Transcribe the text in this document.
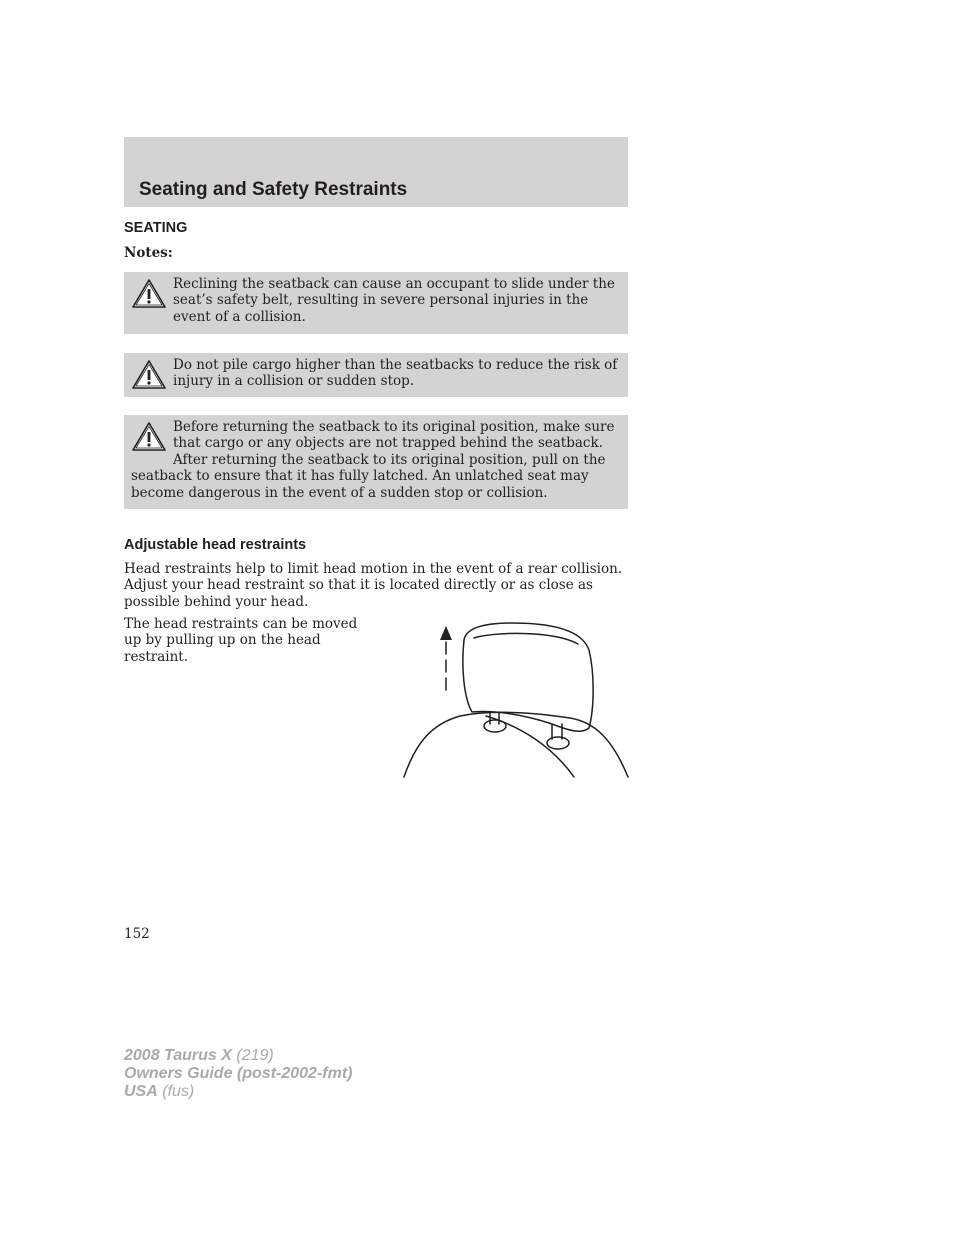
Seating and Safety Restraints
SEATING
Notes:
Reclining the seatback can cause an occupant to slide under the seat’s safety belt, resulting in severe personal injuries in the event of a collision.
Do not pile cargo higher than the seatbacks to reduce the risk of injury in a collision or sudden stop.
Before returning the seatback to its original position, make sure that cargo or any objects are not trapped behind the seatback. After returning the seatback to its original position, pull on the seatback to ensure that it has fully latched. An unlatched seat may become dangerous in the event of a sudden stop or collision.
Adjustable head restraints

Head restraints help to limit head motion in the event of a rear collision. Adjust your head restraint so that it is located directly or as close as possible behind your head.

The head restraints can be moved up by pulling up on the head restraint.

152
2008 Taurus X (219)
Owners Guide (post-2002-fmt)
USA (fus)
